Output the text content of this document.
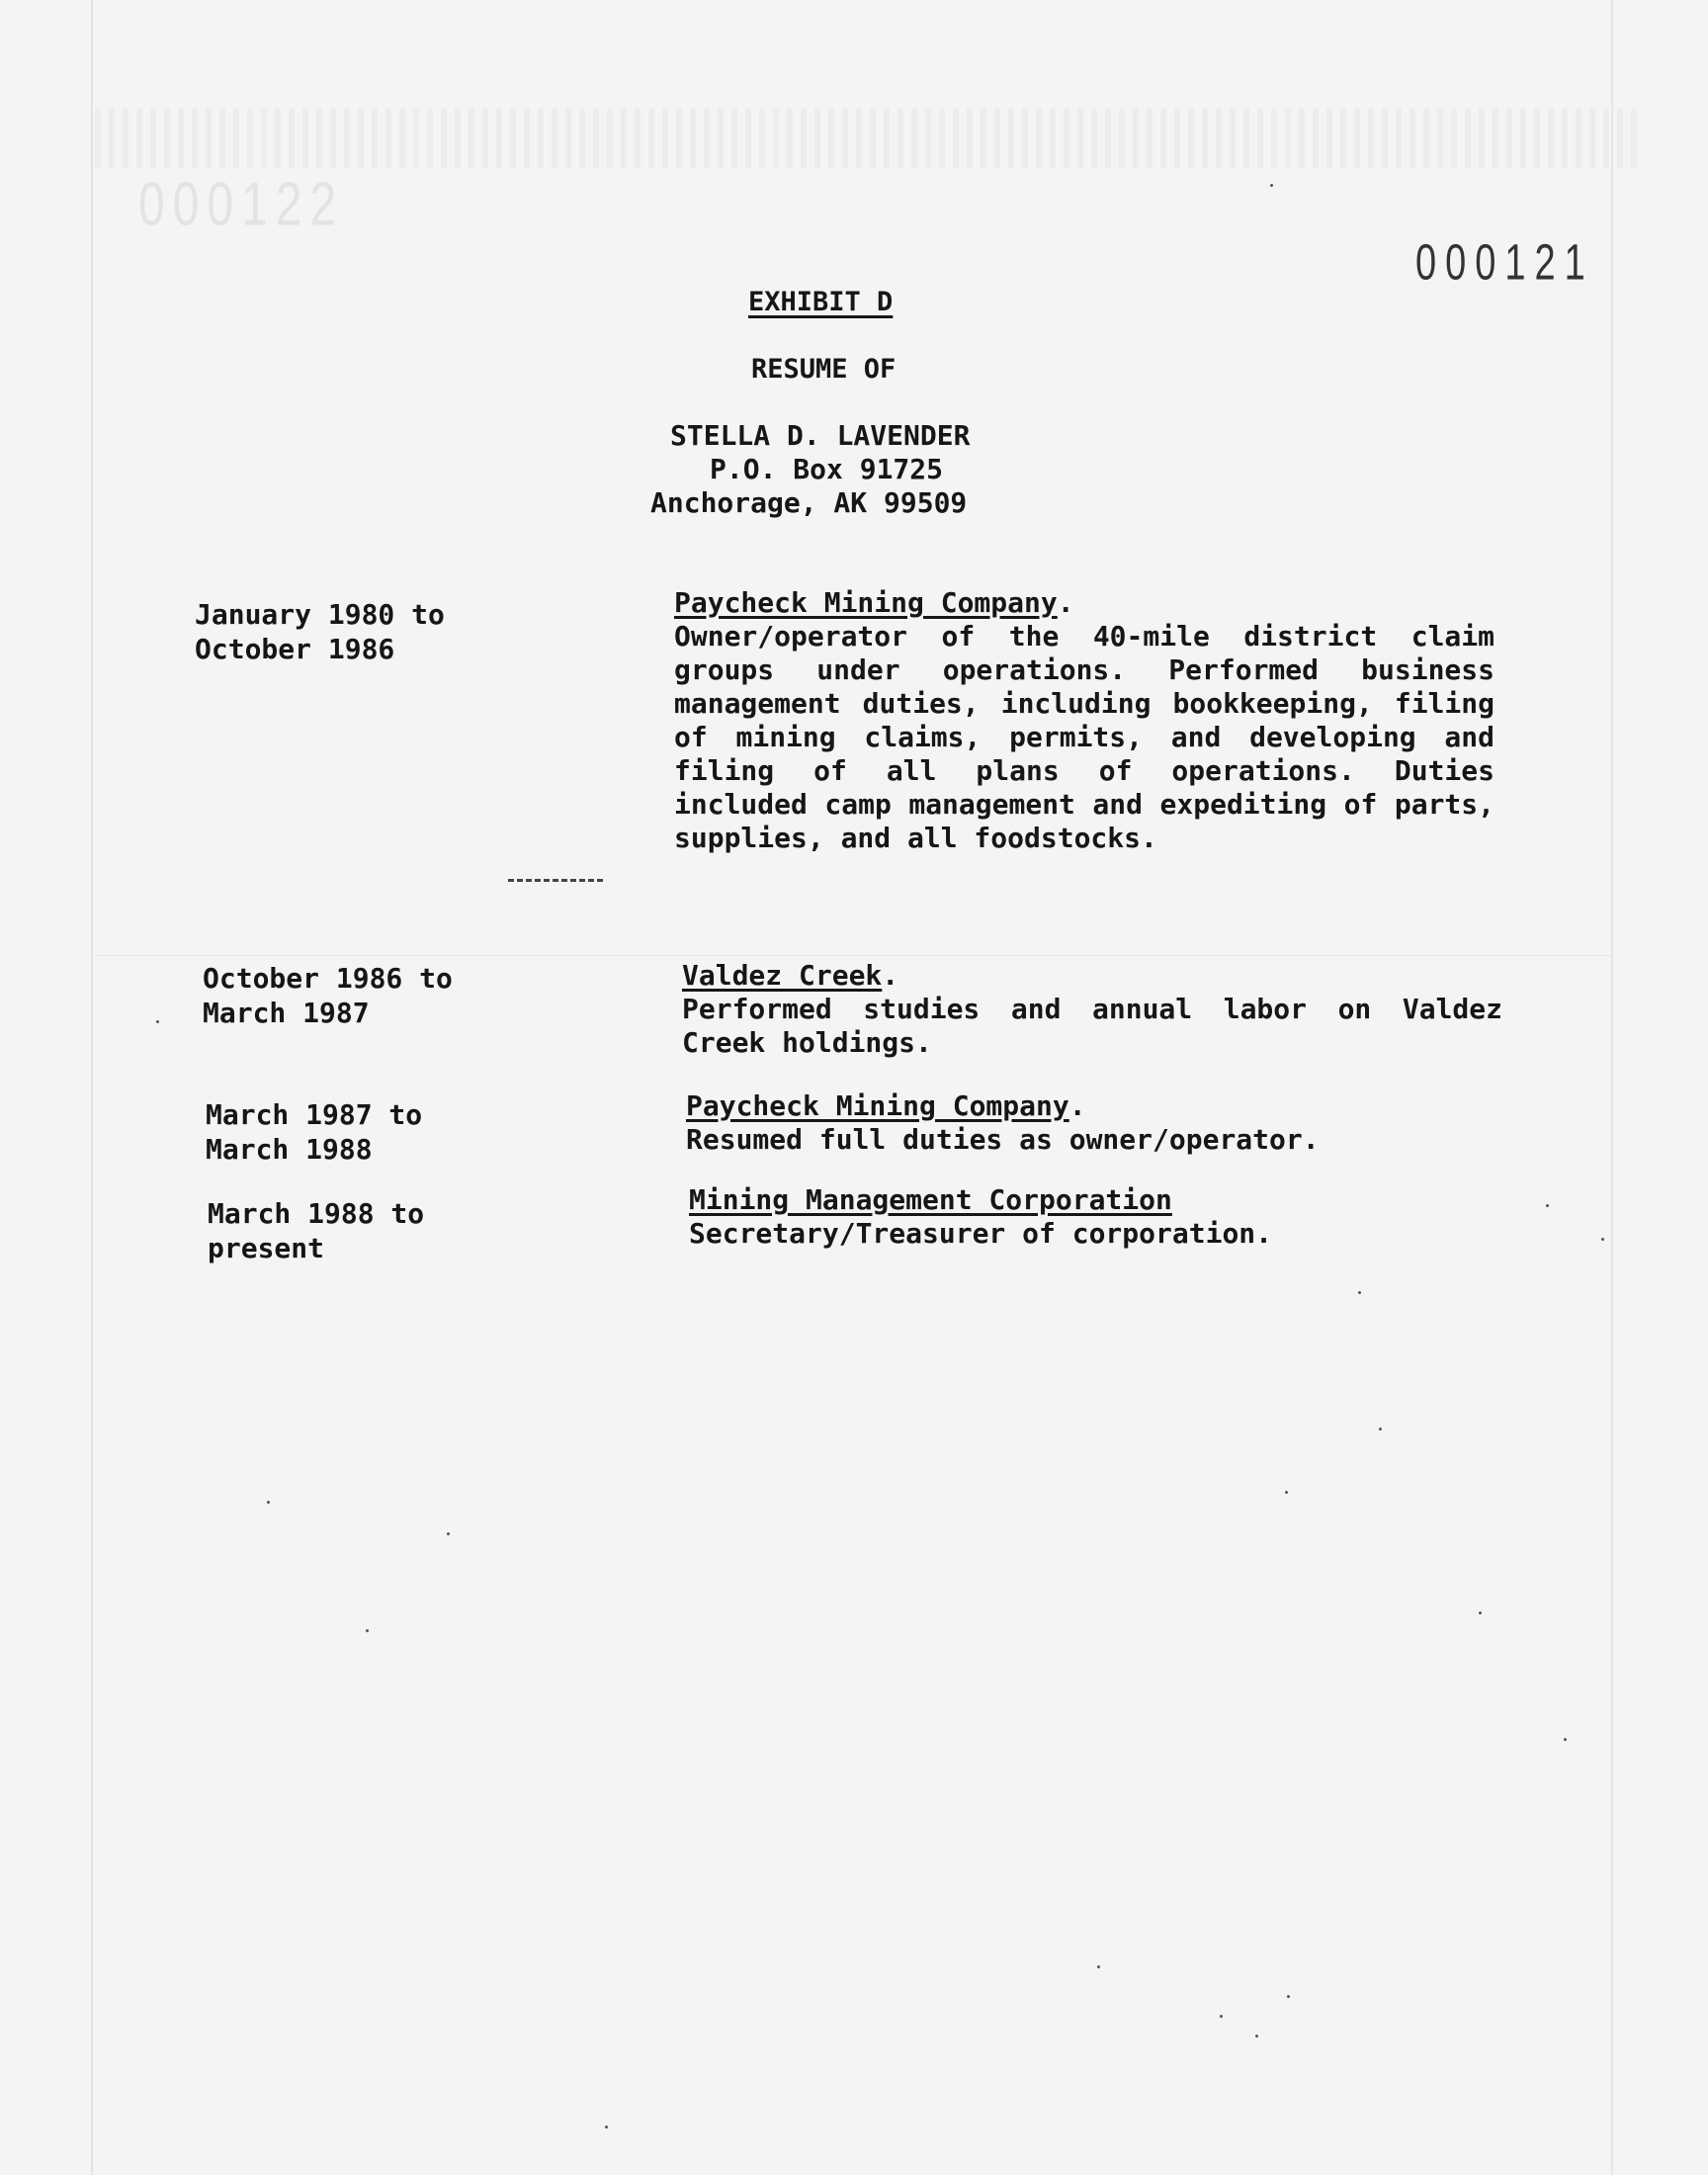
000122
000121
EXHIBIT D
RESUME OF
STELLA D. LAVENDER
P.O. Box 91725
Anchorage, AK 99509
January 1980 to
October 1986
Paycheck Mining Company.
Owner/operator of the 40-mile district claim groups under operations. Performed business management duties, including bookkeeping, filing of mining claims, permits, and developing and filing of all plans of operations. Duties included camp management and expediting of parts, supplies, and all foodstocks.
October 1986 to
March 1987
Valdez Creek.
Performed studies and annual labor on Valdez Creek holdings.
March 1987 to
March 1988
Paycheck Mining Company.
Resumed full duties as owner/operator.
March 1988 to
present
Mining Management Corporation
Secretary/Treasurer of corporation.
